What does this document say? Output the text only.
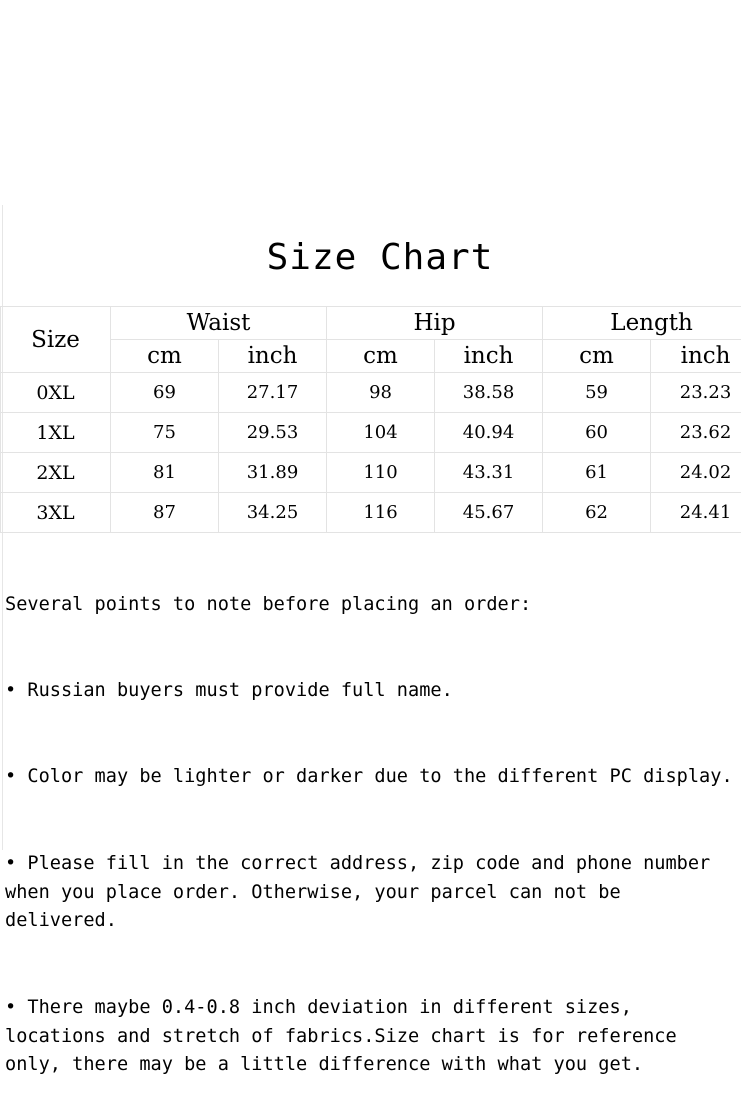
Size Chart
Size	Waist		Hip		Length	
	cm	inch	cm	inch	cm	inch
0XL	69	27.17	98	38.58	59	23.23
1XL	75	29.53	104	40.94	60	23.62
2XL	81	31.89	110	43.31	61	24.02
3XL	87	34.25	116	45.67	62	24.41

Several points to note before placing an order:

• Russian buyers must provide full name.

• Color may be lighter or darker due to the different PC display.

• Please fill in the correct address, zip code and phone number when you place order. Otherwise, your parcel can not be delivered.

• There maybe 0.4-0.8 inch deviation in different sizes, locations and stretch of fabrics.Size chart is for reference only, there may be a little difference with what you get.
